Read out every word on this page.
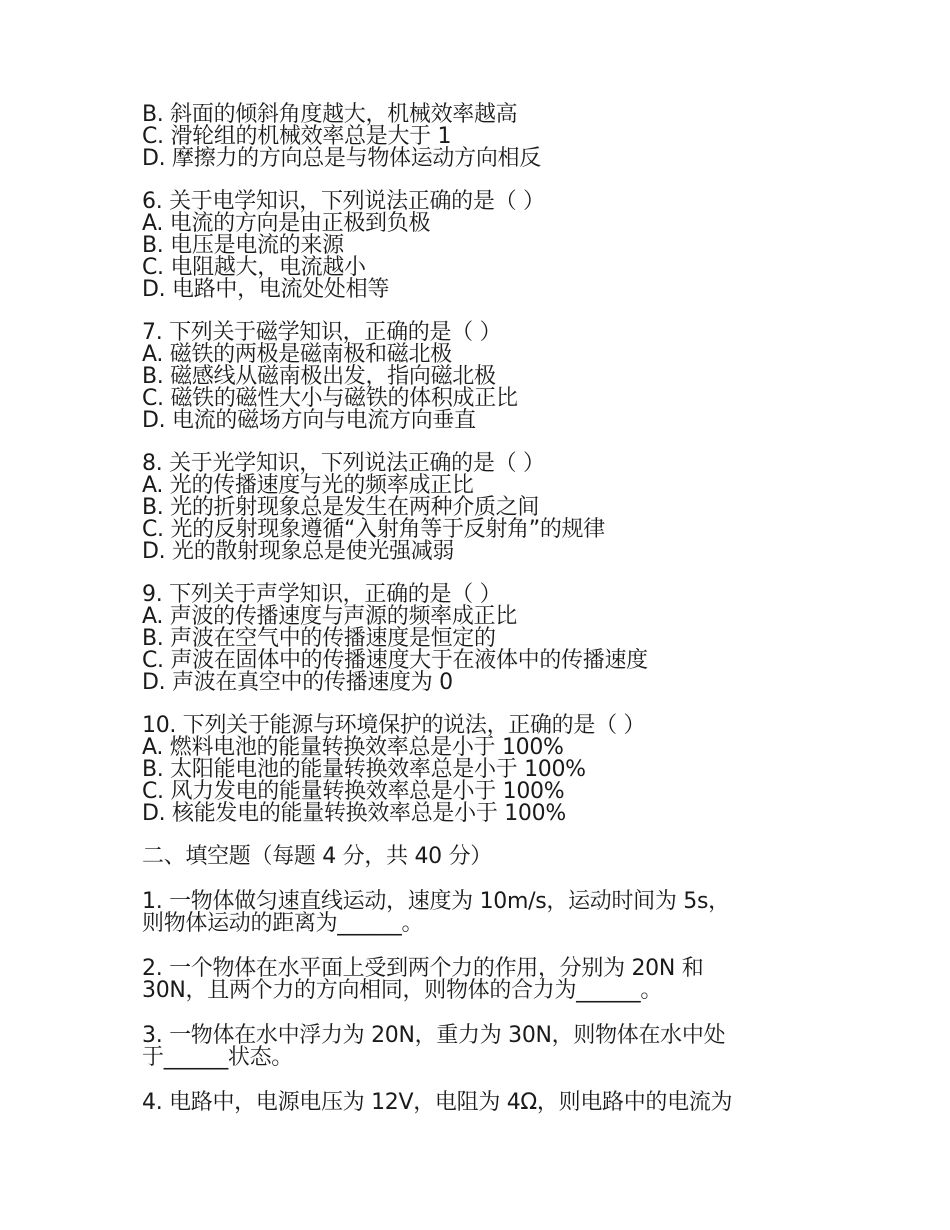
B. 斜面的倾斜角度越大，机械效率越高
C. 滑轮组的机械效率总是大于 1
D. 摩擦力的方向总是与物体运动方向相反
6. 关于电学知识，下列说法正确的是（ ）
A. 电流的方向是由正极到负极
B. 电压是电流的来源
C. 电阻越大，电流越小
D. 电路中，电流处处相等
7. 下列关于磁学知识，正确的是（ ）
A. 磁铁的两极是磁南极和磁北极
B. 磁感线从磁南极出发，指向磁北极
C. 磁铁的磁性大小与磁铁的体积成正比
D. 电流的磁场方向与电流方向垂直
8. 关于光学知识，下列说法正确的是（ ）
A. 光的传播速度与光的频率成正比
B. 光的折射现象总是发生在两种介质之间
C. 光的反射现象遵循“入射角等于反射角”的规律
D. 光的散射现象总是使光强减弱
9. 下列关于声学知识，正确的是（ ）
A. 声波的传播速度与声源的频率成正比
B. 声波在空气中的传播速度是恒定的
C. 声波在固体中的传播速度大于在液体中的传播速度
D. 声波在真空中的传播速度为 0
10. 下列关于能源与环境保护的说法，正确的是（ ）
A. 燃料电池的能量转换效率总是小于 100%
B. 太阳能电池的能量转换效率总是小于 100%
C. 风力发电的能量转换效率总是小于 100%
D. 核能发电的能量转换效率总是小于 100%
二、填空题（每题 4 分，共 40 分）
1. 一物体做匀速直线运动，速度为 10m/s，运动时间为 5s，
则物体运动的距离为______。
2. 一个物体在水平面上受到两个力的作用，分别为 20N 和
30N，且两个力的方向相同，则物体的合力为______。
3. 一物体在水中浮力为 20N，重力为 30N，则物体在水中处
于______状态。
4. 电路中，电源电压为 12V，电阻为 4Ω，则电路中的电流为
